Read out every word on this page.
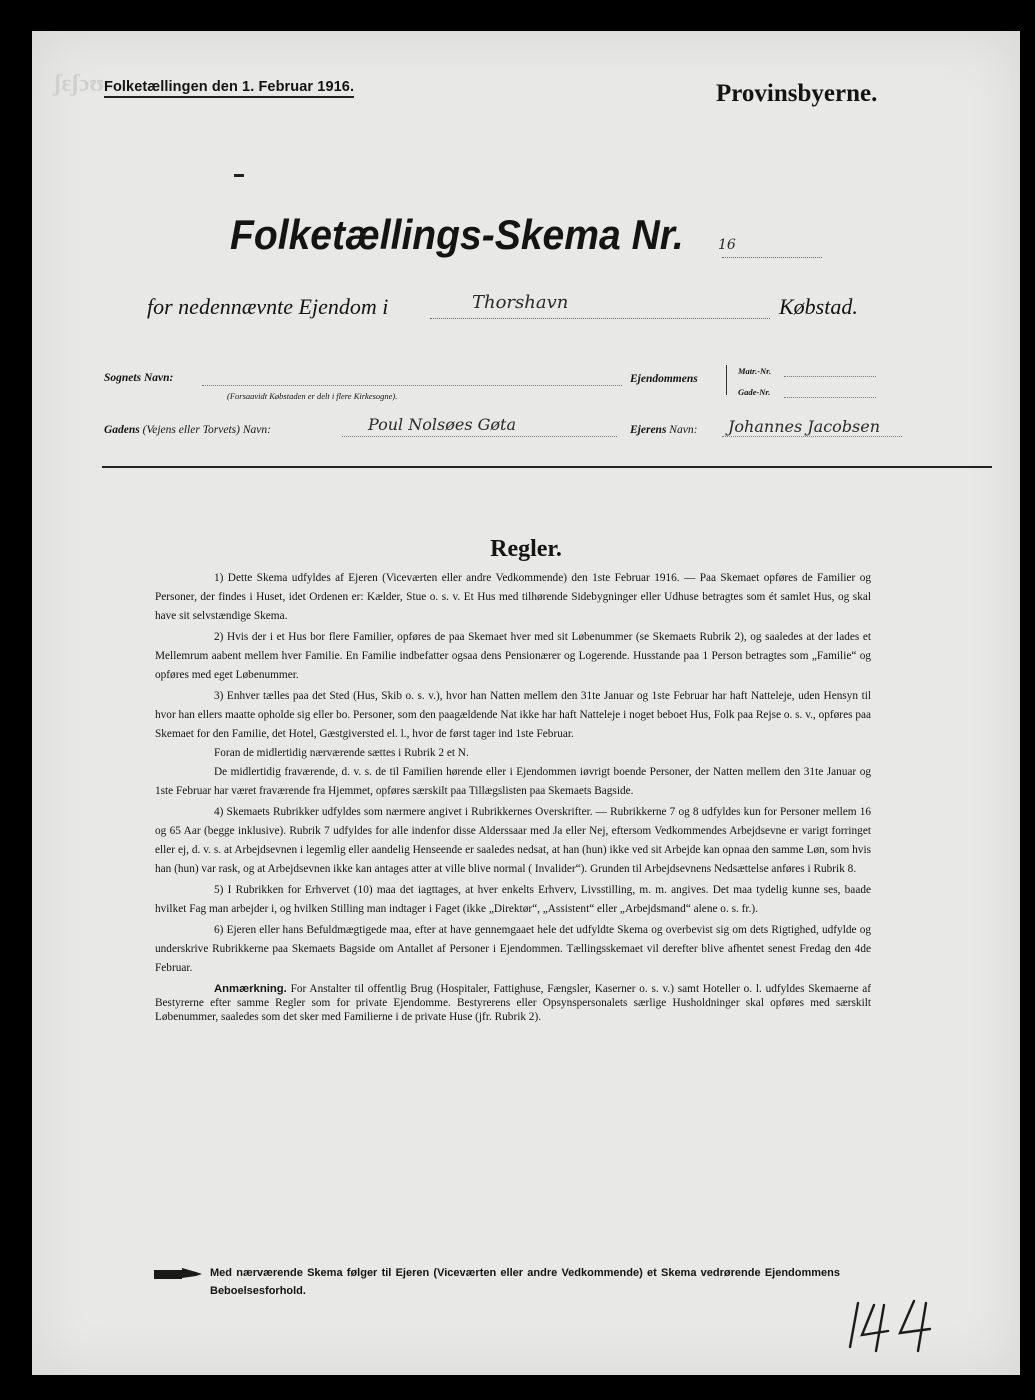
ʃɛʃɔʊ Folketællingen den 1. Februar 1916.	Provinsbyerne.
Folketællings-Skema Nr. 16
for nedennævnte Ejendom i	Thorshavn	Købstad.
Sognets Navn:
(Forsaavidt Købstaden er delt i flere Kirkesogne).
Ejendommens
Matr.-Nr.
Gade-Nr.
Gadens (Vejens eller Torvets) Navn:	Poul Nolsøes Gøta	Ejerens Navn: Johannes Jacobsen
Regler.

1) Dette Skema udfyldes af Ejeren (Viceværten eller andre Vedkommende) den 1ste Februar 1916. — Paa Skemaet opføres de Familier og Personer, der findes i Huset, idet Ordenen er: Kælder, Stue o. s. v. Et Hus med tilhørende Sidebygninger eller Udhuse betragtes som ét samlet Hus, og skal have sit selvstændige Skema.

2) Hvis der i et Hus bor flere Familier, opføres de paa Skemaet hver med sit Løbenummer (se Skemaets Rubrik 2), og saaledes at der lades et Mellemrum aabent mellem hver Familie. En Familie indbefatter ogsaa dens Pensionærer og Logerende. Husstande paa 1 Person betragtes som „Familie“ og opføres med eget Løbenummer.

3) Enhver tælles paa det Sted (Hus, Skib o. s. v.), hvor han Natten mellem den 31te Januar og 1ste Februar har haft Natteleje, uden Hensyn til hvor han ellers maatte opholde sig eller bo. Personer, som den paagældende Nat ikke har haft Natteleje i noget beboet Hus, Folk paa Rejse o. s. v., opføres paa Skemaet for den Familie, det Hotel, Gæstgiversted el. l., hvor de først tager ind 1ste Februar.

Foran de midlertidig nærværende sættes i Rubrik 2 et N.

De midlertidig fraværende, d. v. s. de til Familien hørende eller i Ejendommen iøvrigt boende Personer, der Natten mellem den 31te Januar og 1ste Februar har været fraværende fra Hjemmet, opføres særskilt paa Tillægslisten paa Skemaets Bagside.

4) Skemaets Rubrikker udfyldes som nærmere angivet i Rubrikkernes Overskrifter. — Rubrikkerne 7 og 8 udfyldes kun for Personer mellem 16 og 65 Aar (begge inklusive). Rubrik 7 udfyldes for alle indenfor disse Alderssaar med Ja eller Nej, eftersom Vedkommendes Arbejdsevne er varigt forringet eller ej, d. v. s. at Arbejdsevnen i legemlig eller aandelig Henseende er saaledes nedsat, at han (hun) ikke ved sit Arbejde kan opnaa den samme Løn, som hvis han (hun) var rask, og at Arbejdsevnen ikke kan antages atter at ville blive normal ( Invalider“). Grunden til Arbejdsevnens Nedsættelse anføres i Rubrik 8.

5) I Rubrikken for Erhvervet (10) maa det iagttages, at hver enkelts Erhverv, Livsstilling, m. m. angives. Det maa tydelig kunne ses, baade hvilket Fag man arbejder i, og hvilken Stilling man indtager i Faget (ikke „Direktør“, „Assistent“ eller „Arbejdsmand“ alene o. s. fr.).

6) Ejeren eller hans Befuldmægtigede maa, efter at have gennemgaaet hele det udfyldte Skema og overbevist sig om dets Rigtighed, udfylde og underskrive Rubrikkerne paa Skemaets Bagside om Antallet af Personer i Ejendommen. Tællingsskemaet vil derefter blive afhentet senest Fredag den 4de Februar.

Anmærkning. For Anstalter til offentlig Brug (Hospitaler, Fattighuse, Fængsler, Kaserner o. s. v.) samt Hoteller o. l. udfyldes Skemaerne af Bestyrerne efter samme Regler som for private Ejendomme. Bestyrerens eller Opsynspersonalets særlige Husholdninger skal opføres med særskilt Løbenummer, saaledes som det sker med Familierne i de private Huse (jfr. Rubrik 2).

Med nærværende Skema følger til Ejeren (Viceværten eller andre Vedkommende) et Skema vedrørende Ejendommens Beboelsesforhold.	144
